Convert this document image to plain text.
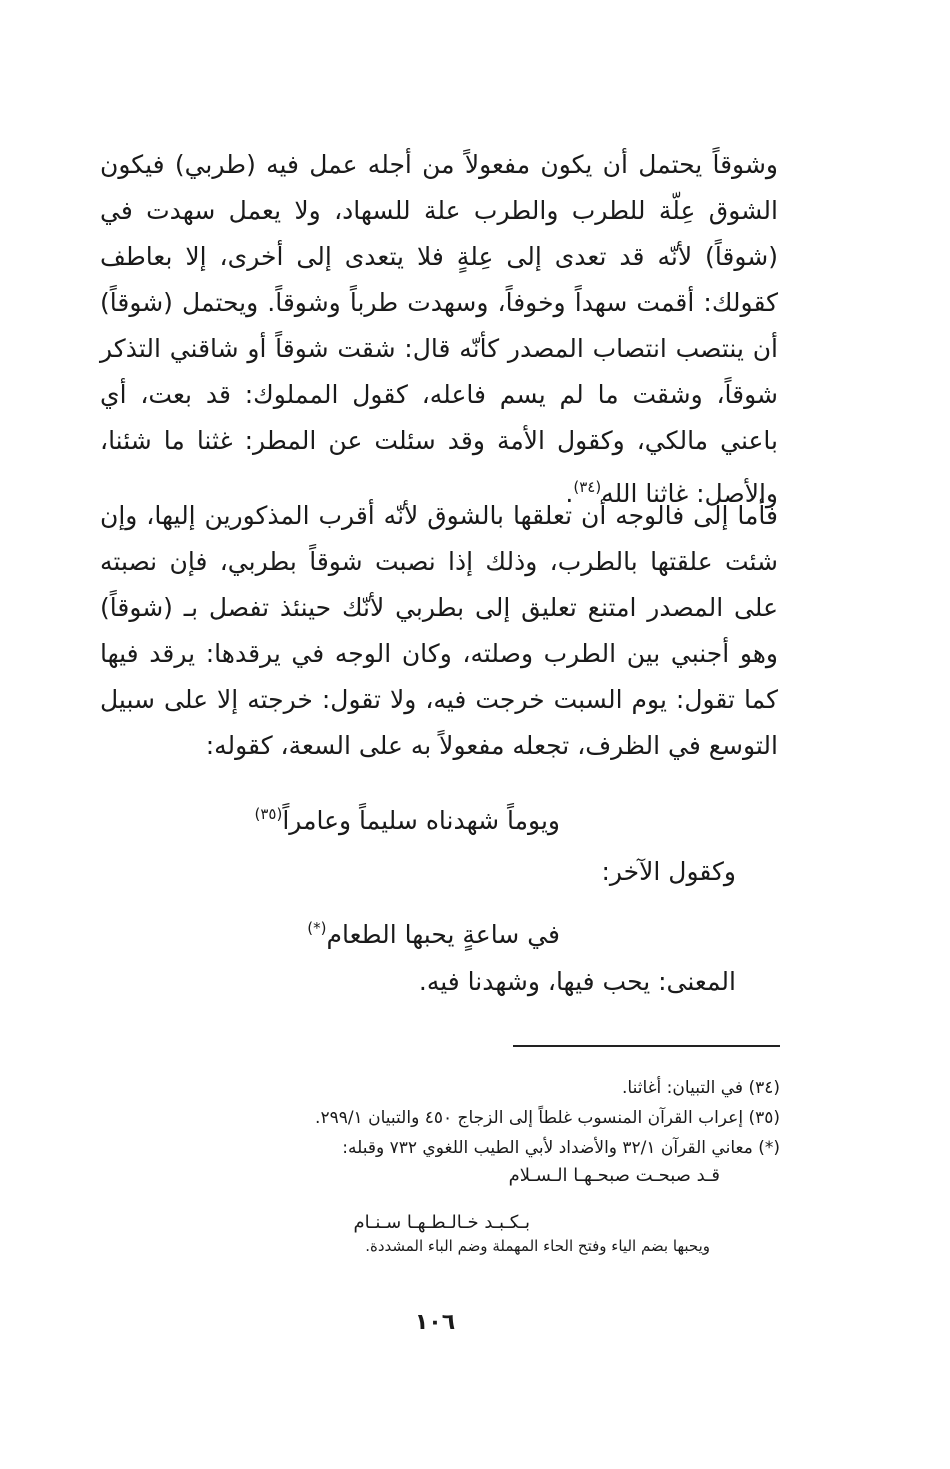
وشوقاً يحتمل أن يكون مفعولاً من أجله عمل فيه (طربي) فيكون الشوق عِلّة للطرب والطرب علة للسهاد، ولا يعمل سهدت في (شوقاً) لأنّه قد تعدى إلى عِلةٍ فلا يتعدى إلى أخرى، إلا بعاطف كقولك: أقمت سهداً وخوفاً، وسهدت طرباً وشوقاً. ويحتمل (شوقاً) أن ينتصب انتصاب المصدر كأنّه قال: شقت شوقاً أو شاقني التذكر شوقاً، وشقت ما لم يسم فاعله، كقول المملوك: قد بعت، أي باعني مالكي، وكقول الأمة وقد سئلت عن المطر: غثنا ما شئنا، والأصل: غاثنا الله$^{(٣٤)}$.

فأما إلى فالوجه أن تعلقها بالشوق لأنّه أقرب المذكورين إليها، وإن شئت علقتها بالطرب، وذلك إذا نصبت شوقاً بطربي، فإن نصبته على المصدر امتنع تعليق إلى بطربي لأنّك حينئذ تفصل بـ (شوقاً) وهو أجنبي بين الطرب وصلته، وكان الوجه في يرقدها: يرقد فيها كما تقول: يوم السبت خرجت فيه، ولا تقول: خرجته إلا على سبيل التوسع في الظرف، تجعله مفعولاً به على السعة، كقوله:

ويوماً شهدناه سليماً وعامراً$^{(٣٥)}$
وكقول الآخر:
في ساعةٍ يحبها الطعام(*)
المعنى: يحب فيها، وشهدنا فيه.
(٣٤) في التبيان: أغاثنا.
(٣٥) إعراب القرآن المنسوب غلطاً إلى الزجاج ٤٥٠ والتبيان ٢٩٩/١.
(*) معاني القرآن ٣٢/١ والأضداد لأبي الطيب اللغوي ٧٣٢ وقبله:
قـد صبحـت صبحـهـا الـسـلام
بـكـبـد خـالـطـهـا سـنـام
ويحبها بضم الياء وفتح الحاء المهملة وضم الباء المشددة.
١٠٦
